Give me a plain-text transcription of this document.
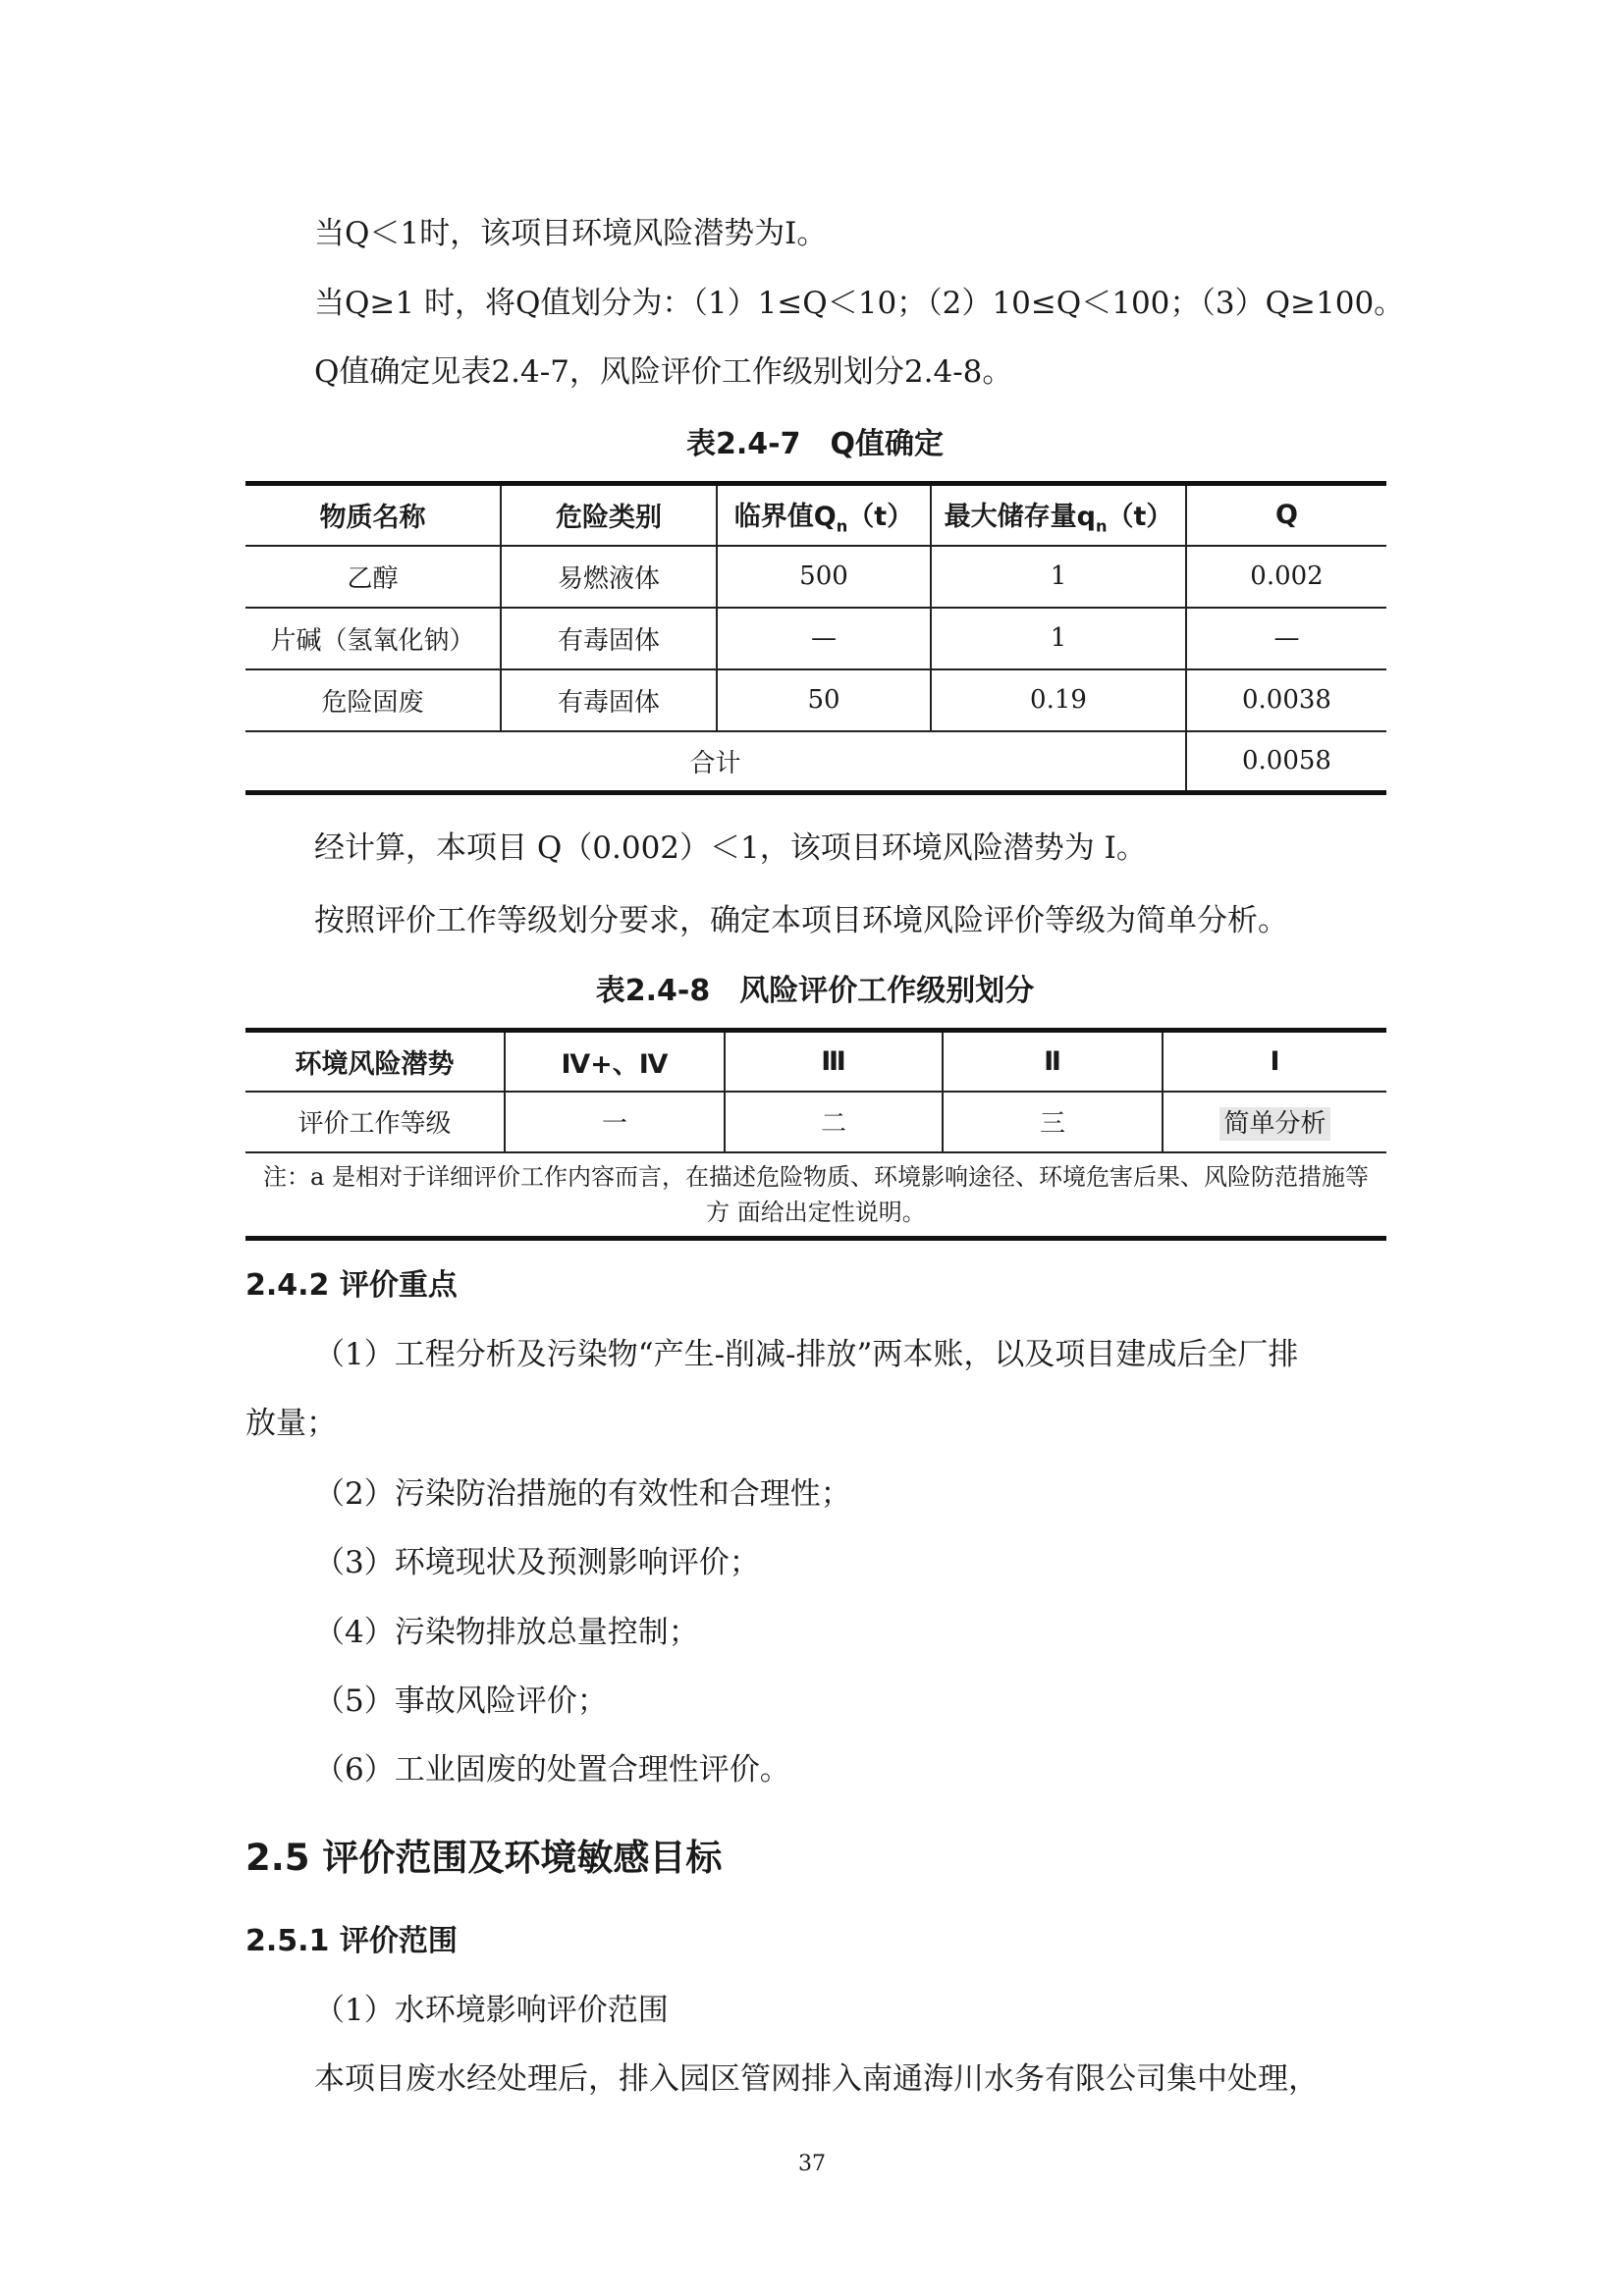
当Q＜1时，该项目环境风险潜势为I。
当Q≥1 时，将Q值划分为：（1）1≤Q＜10；（2）10≤Q＜100；（3）Q≥100。
Q值确定见表2.4-7，风险评价工作级别划分2.4-8。
表2.4-7　Q值确定
物质名称	危险类别	临界值$Q_n(t)$	最大储存量$q_n(t)$	Q
乙醇	易燃液体	500	1	0.002
片碱（氢氧化钠）	有毒固体	—	1	—
危险固废	有毒固体	50	0.19	0.0038
合计				0.0058
经计算，本项目 Q（0.002）＜1，该项目环境风险潜势为 I。
按照评价工作等级划分要求，确定本项目环境风险评价等级为简单分析。
表2.4-8　风险评价工作级别划分
环境风险潜势	Ⅳ+、Ⅳ	Ⅲ	Ⅱ	I
评价工作等级	一	二	三	简单分析
注：a 是相对于详细评价工作内容而言，在描述危险物质、环境影响途径、环境危害后果、风险防范措施等方 面给出定性说明。				
2.4.2 评价重点
（1）工程分析及污染物“产生-削减-排放”两本账，以及项目建成后全厂排
放量；
（2）污染防治措施的有效性和合理性；
（3）环境现状及预测影响评价；
（4）污染物排放总量控制；
（5）事故风险评价；
（6）工业固废的处置合理性评价。
2.5 评价范围及环境敏感目标
2.5.1 评价范围
（1）水环境影响评价范围
本项目废水经处理后，排入园区管网排入南通海川水务有限公司集中处理，
37
